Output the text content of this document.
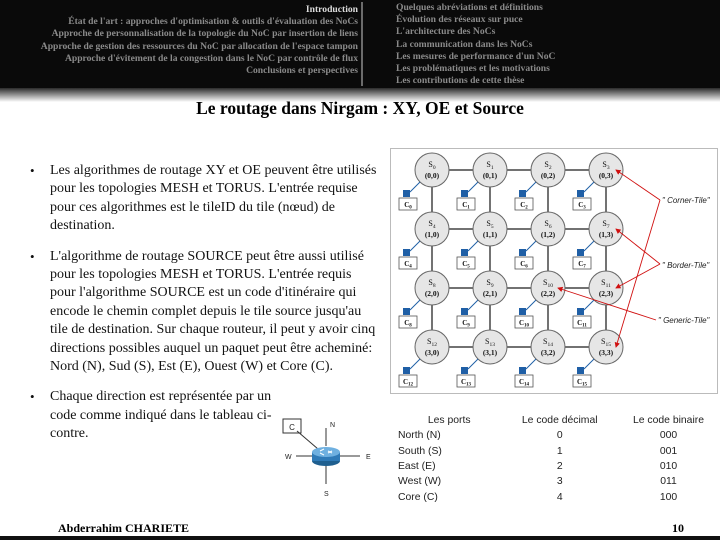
Introduction
État de l'art : approches d'optimisation & outils d'évaluation des NoCs
Approche de personnalisation de la topologie du NoC par insertion de liens
Approche de gestion des ressources du NoC par allocation de l'espace tampon
Approche d'évitement de la congestion dans le NoC par contrôle de flux
Conclusions et perspectives
Quelques abréviations et définitions
Évolution des réseaux sur puce
L'architecture des NoCs
La communication dans les NoCs
Les mesures de performance d'un NoC
Les problématiques et les motivations
Les contributions de cette thèse
Le routage dans Nirgam : XY, OE et Source
• Les algorithmes de routage XY et OE peuvent être utilisés pour les topologies MESH et TORUS. L'entrée requise pour ces algorithmes est le tileID du tile (nœud) de destination.
• L'algorithme de routage SOURCE peut être aussi utilisé pour les topologies MESH et TORUS. L'entrée requis pour l'algorithme SOURCE est un code d'itinéraire qui encode le chemin complet depuis le tile source jusqu'au tile de destination. Sur chaque routeur, il peut y avoir cinq directions possibles auquel un paquet peut être acheminé: Nord (N), Sud (S), Est (E), Ouest (W) et Core (C).
• Chaque direction est représentée par un code comme indiqué dans le tableau ci-contre.
$S_0$
(0,0)
$C_0$
$S_1$
(0,1)
$C_1$
$S_2$
(0,2)
$C_2$
$S_3$
(0,3)
$C_3$
$S_4$
(1,0)
$C_4$
$S_5$
(1,1)
$C_5$
$S_6$
(1,2)
$C_6$
$S_7$
(1,3)
$C_7$
$S_8$
(2,0)
$C_8$
$S_9$
(2,1)
$C_9$
$S_{10}$
(2,2)
$C_{10}$
$S_{11}$
(2,3)
$C_{11}$
$S_{12}$
(3,0)
$C_{12}$
$S_{13}$
(3,1)
$C_{13}$
$S_{14}$
(3,2)
$C_{14}$
$S_{15}$
(3,3)
$C_{15}$
" Corner-Tile"
" Border-Tile"
" Generic-Tile"
C	N
S
W	E
Les ports	Le code décimal	Le code binaire
North (N)	0	000
South (S)	1	001
East (E)	2	010
West (W)	3	011
Core (C)	4	100
Abderrahim CHARIETE	10
